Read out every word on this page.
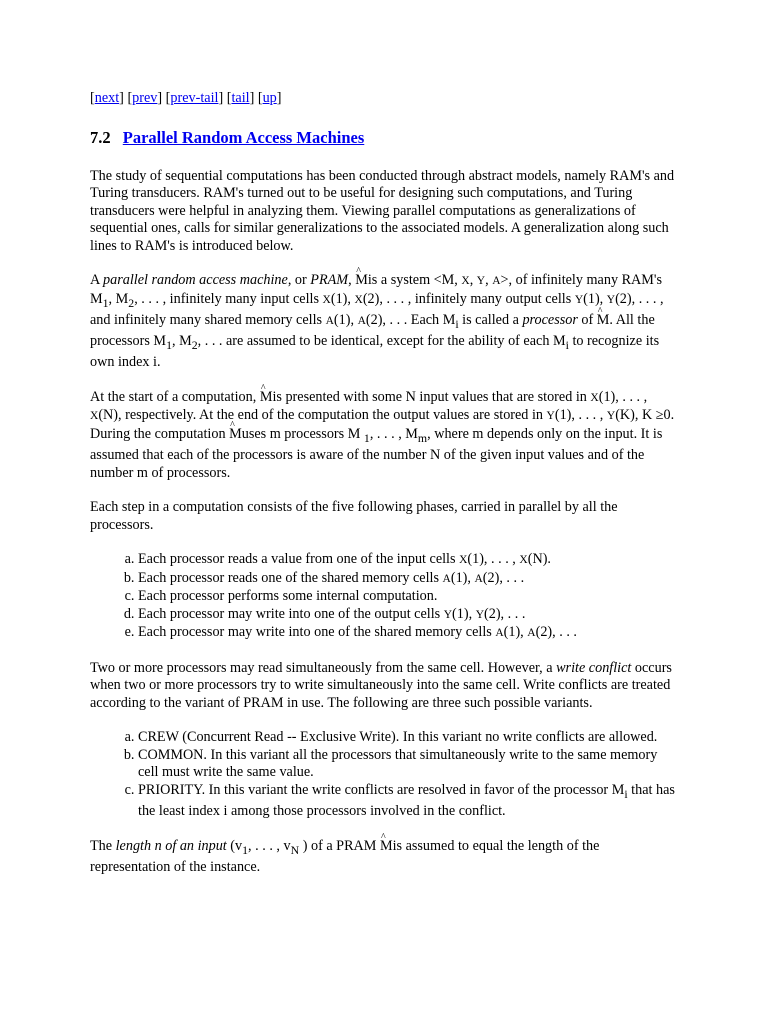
[next] [prev] [prev-tail] [tail] [up]
7.2 Parallel Random Access Machines

The study of sequential computations has been conducted through abstract models, namely RAM's and Turing transducers. RAM's turned out to be useful for designing such computations, and Turing transducers were helpful in analyzing them. Viewing parallel computations as generalizations of sequential ones, calls for similar generalizations to the associated models. A generalization along such lines to RAM's is introduced below.

A parallel random access machine, or PRAM, ^ Mis a system <M, X, Y, A>, of infinitely many RAM's $M_1$, $M_2$, . . . , infinitely many input cells X(1), X(2), . . . , infinitely many output cells Y(1), Y(2), . . . , and infinitely many shared memory cells A(1), A(2), . . . Each $M_i$ is called a processor of ^ M. All the processors $M_1$, $M_2$, . . . are assumed to be identical, except for the ability of each $M_i$ to recognize its own index i.

At the start of a computation, ^ Mis presented with some N input values that are stored in X(1), . . . , X(N), respectively. At the end of the computation the output values are stored in Y(1), . . . , Y(K), K ≥0. During the computation ^ Muses m processors M $_1$, . . . , $M_m$, where m depends only on the input. It is assumed that each of the processors is aware of the number N of the given input values and of the number m of processors.

Each step in a computation consists of the five following phases, carried in parallel by all the processors.

a. Each processor reads a value from one of the input cells X(1), . . . , X(N).
b. Each processor reads one of the shared memory cells A(1), A(2), . . .
c. Each processor performs some internal computation.
d. Each processor may write into one of the output cells Y(1), Y(2), . . .
e. Each processor may write into one of the shared memory cells A(1), A(2), . . .

Two or more processors may read simultaneously from the same cell. However, a write conflict occurs when two or more processors try to write simultaneously into the same cell. Write conflicts are treated according to the variant of PRAM in use. The following are three such possible variants.

a. CREW (Concurrent Read -- Exclusive Write). In this variant no write conflicts are allowed.
b. COMMON. In this variant all the processors that simultaneously write to the same memory cell must write the same value.
c. PRIORITY. In this variant the write conflicts are resolved in favor of the processor $M_i$ that has the least index i among those processors involved in the conflict.

The length n of an input ($v_1$, . . . , $v_N$ ) of a PRAM ^ Mis assumed to equal the length of the representation of the instance.
